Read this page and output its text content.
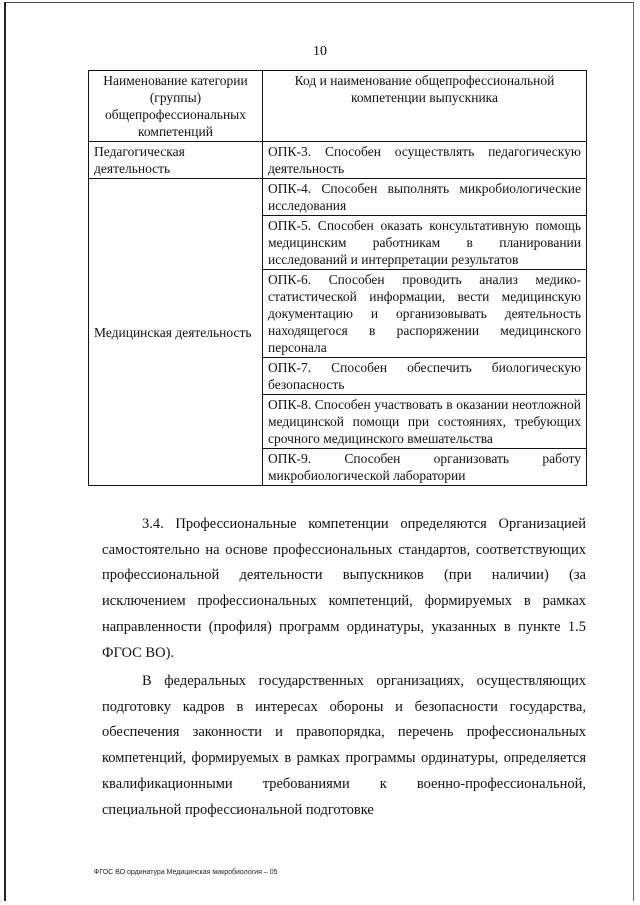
10
Наименование категории (группы) общепрофессиональных компетенций	Код и наименование общепрофессиональной компетенции выпускника
Педагогическая деятельность	ОПК-3. Способен осуществлять педагогическую деятельность
Медицинская деятельность	ОПК-4. Способен выполнять микробиологические исследования
	ОПК-5. Способен оказать консультативную помощь медицинским работникам в планировании исследований и интерпретации результатов
	ОПК-6. Способен проводить анализ медико-статистической информации, вести медицинскую документацию и организовывать деятельность находящегося в распоряжении медицинского персонала
	ОПК-7. Способен обеспечить биологическую безопасность
	ОПК-8. Способен участвовать в оказании неотложной медицинской помощи при состояниях, требующих срочного медицинского вмешательства
	ОПК-9. Способен организовать работу микробиологической лаборатории

3.4. Профессиональные компетенции определяются Организацией самостоятельно на основе профессиональных стандартов, соответствующих профессиональной деятельности выпускников (при наличии) (за исключением профессиональных компетенций, формируемых в рамках направленности (профиля) программ ординатуры, указанных в пункте 1.5 ФГОС ВО).

В федеральных государственных организациях, осуществляющих подготовку кадров в интересах обороны и безопасности государства, обеспечения законности и правопорядка, перечень профессиональных компетенций, формируемых в рамках программы ординатуры, определяется квалификационными требованиями к военно-профессиональной, специальной профессиональной подготовке

ФГОС ВО ординатура Медицинская микробиология – 05
